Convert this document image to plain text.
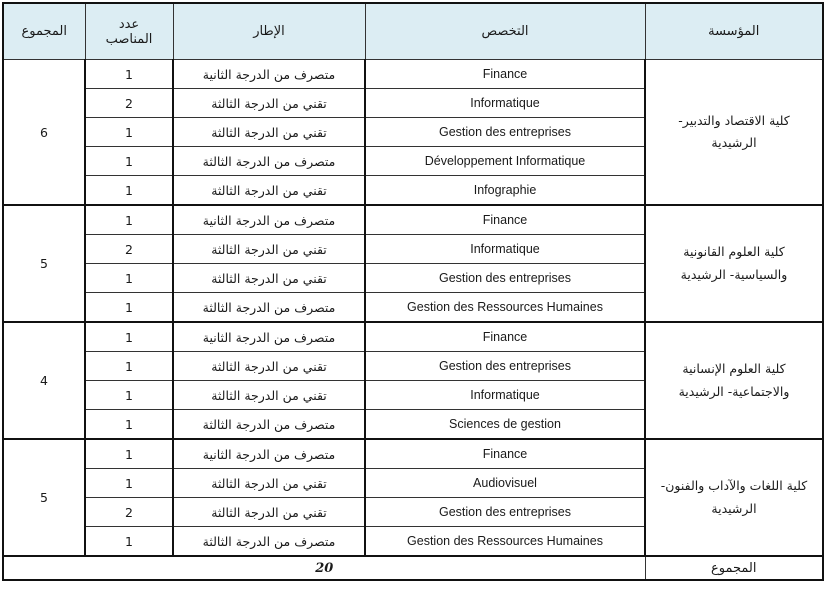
المجموع	عدد المناصب	الإطار	التخصص	المؤسسة
6	1	متصرف من الدرجة الثانية	Finance	كلية الاقتصاد والتدبير- الرشيدية
	2	تقني من الدرجة الثالثة	Informatique	
	1	تقني من الدرجة الثالثة	Gestion des entreprises	
	1	متصرف من الدرجة الثالثة	Développement Informatique	
	1	تقني من الدرجة الثالثة	Infographie	
5	1	متصرف من الدرجة الثانية	Finance	كلية العلوم القانونية والسياسية- الرشيدية
	2	تقني من الدرجة الثالثة	Informatique	
	1	تقني من الدرجة الثالثة	Gestion des entreprises	
	1	متصرف من الدرجة الثالثة	Gestion des Ressources Humaines	
4	1	متصرف من الدرجة الثانية	Finance	كلية العلوم الإنسانية والاجتماعية- الرشيدية
	1	تقني من الدرجة الثالثة	Gestion des entreprises	
	1	تقني من الدرجة الثالثة	Informatique	
	1	متصرف من الدرجة الثالثة	Sciences de gestion	
5	1	متصرف من الدرجة الثانية	Finance	كلية اللغات والآداب والفنون- الرشيدية
	1	تقني من الدرجة الثالثة	Audiovisuel	
	2	تقني من الدرجة الثالثة	Gestion des entreprises	
	1	متصرف من الدرجة الثالثة	Gestion des Ressources Humaines	
20				المجموع
